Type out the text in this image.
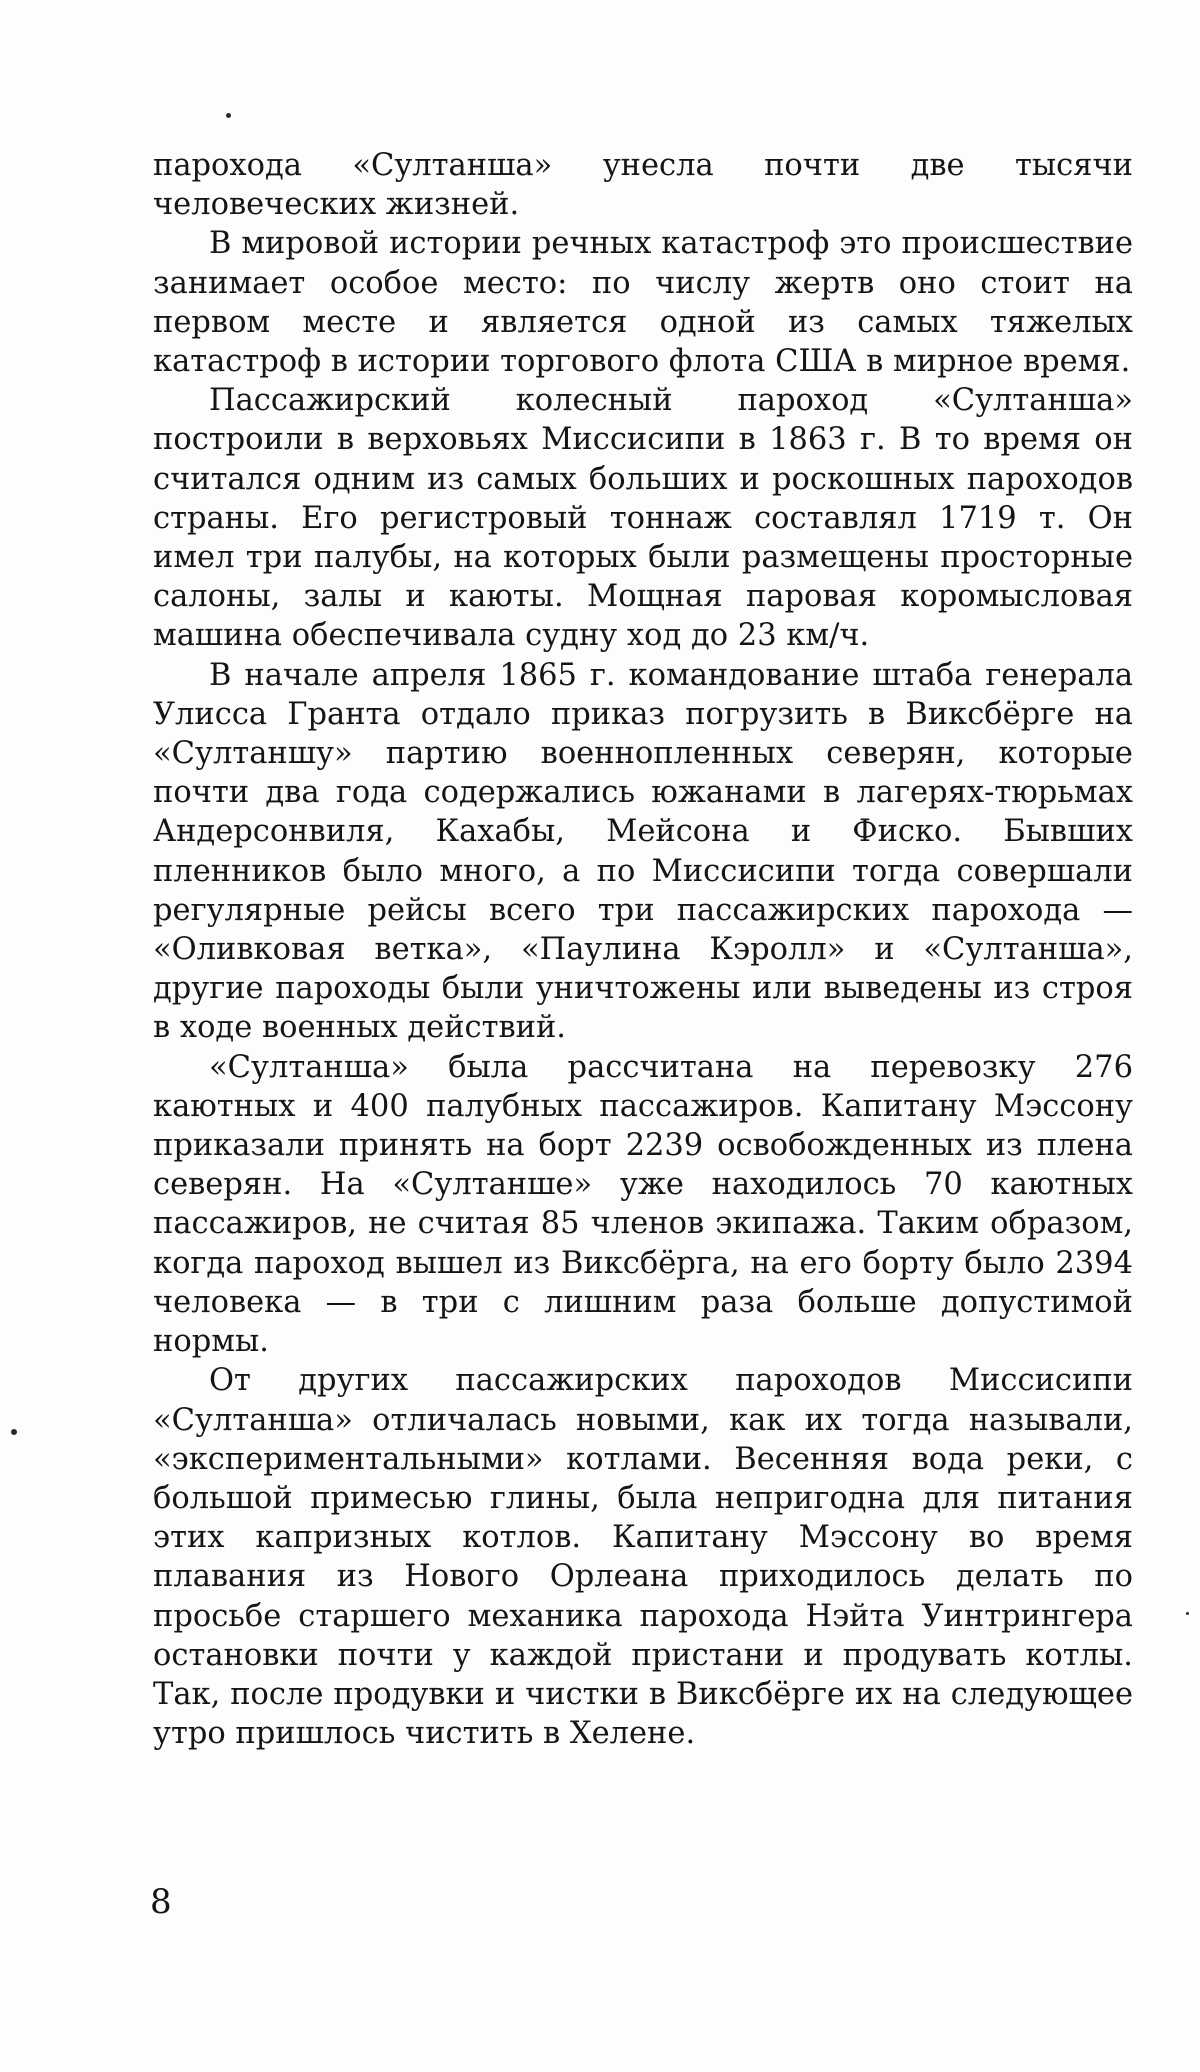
парохода «Султанша» унесла почти две тысячи человеческих жизней.

В мировой истории речных катастроф это происшествие занимает особое место: по числу жертв оно стоит на первом месте и является одной из самых тяжелых катастроф в истории торгового флота США в мирное время.

Пассажирский колесный пароход «Султанша» построили в верховьях Миссисипи в 1863 г. В то время он считался одним из самых больших и роскошных пароходов страны. Его регистровый тоннаж составлял 1719 т. Он имел три палубы, на которых были размещены просторные салоны, залы и каюты. Мощная паровая коромысловая машина обеспечивала судну ход до 23 км/ч.

В начале апреля 1865 г. командование штаба генерала Улисса Гранта отдало приказ погрузить в Виксбёрге на «Султаншу» партию военнопленных северян, которые почти два года содержались южанами в лагерях-тюрьмах Андерсонвиля, Кахабы, Мейсона и Фиско. Бывших пленников было много, а по Миссисипи тогда совершали регулярные рейсы всего три пассажирских парохода — «Оливковая ветка», «Паулина Кэролл» и «Султанша», другие пароходы были уничтожены или выведены из строя в ходе военных действий.

«Султанша» была рассчитана на перевозку 276 каютных и 400 палубных пассажиров. Капитану Мэссону приказали принять на борт 2239 освобожденных из плена северян. На «Султанше» уже находилось 70 каютных пассажиров, не считая 85 членов экипажа. Таким образом, когда пароход вышел из Виксбёрга, на его борту было 2394 человека — в три с лишним раза больше допустимой нормы.

От других пассажирских пароходов Миссисипи «Султанша» отличалась новыми, как их тогда называли, «экспериментальными» котлами. Весенняя вода реки, с большой примесью глины, была непригодна для питания этих капризных котлов. Капитану Мэссону во время плавания из Нового Орлеана приходилось делать по просьбе старшего механика парохода Нэйта Уинтрингера остановки почти у каждой пристани и продувать котлы. Так, после продувки и чистки в Виксбёрге их на следующее утро пришлось чистить в Хелене.

8
